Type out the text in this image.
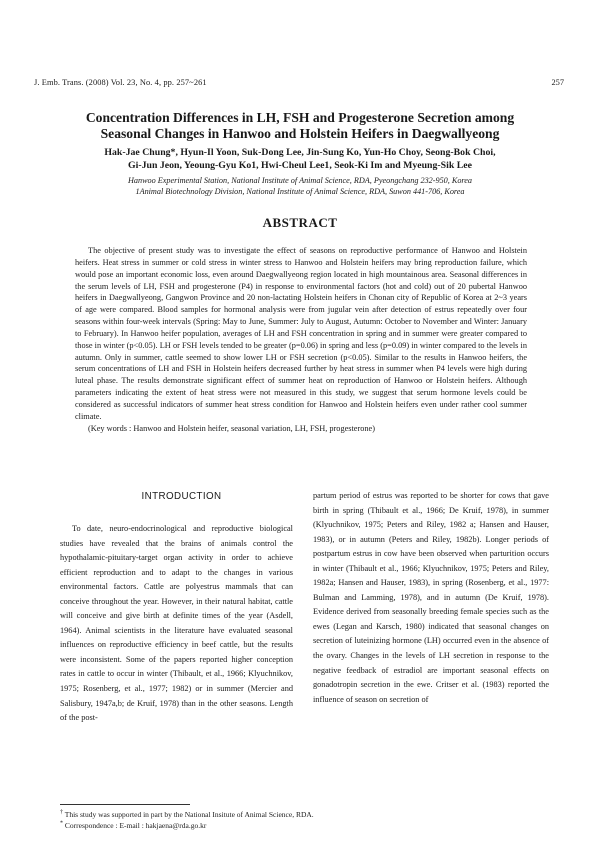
J. Emb. Trans. (2008) Vol. 23, No. 4, pp. 257~261	257
Concentration Differences in LH, FSH and Progesterone Secretion among
Seasonal Changes in Hanwoo and Holstein Heifers in Daegwallyeong
Hak-Jae Chung*, Hyun-Il Yoon, Suk-Dong Lee, Jin-Sung Ko, Yun-Ho Choy, Seong-Bok Choi,
Gi-Jun Jeon, Yeoung-Gyu Ko1, Hwi-Cheul Lee1, Seok-Ki Im and Myeung-Sik Lee
Hanwoo Experimental Station, National Institute of Animal Science, RDA, Pyeongchang 232-950, Korea
1Animal Biotechnology Division, National Institute of Animal Science, RDA, Suwon 441-706, Korea
ABSTRACT

The objective of present study was to investigate the effect of seasons on reproductive performance of Hanwoo and Holstein heifers. Heat stress in summer or cold stress in winter stress to Hanwoo and Holstein heifers may bring reproduction failure, which would pose an important economic loss, even around Daegwallyeong region located in high mountainous area. Seasonal differences in the serum levels of LH, FSH and progesterone (P4) in response to environmental factors (hot and cold) out of 20 pubertal Hanwoo heifers in Daegwallyeong, Gangwon Province and 20 non-lactating Holstein heifers in Chonan city of Republic of Korea at 2~3 years of age were compared. Blood samples for hormonal analysis were from jugular vein after detection of estrus repeatedly over four seasons within four-week intervals (Spring: May to June, Summer: July to August, Autumn: October to November and Winter: January to February). In Hanwoo heifer population, averages of LH and FSH concentration in spring and in summer were greater compared to those in winter (p<0.05). LH or FSH levels tended to be greater (p=0.06) in spring and less (p=0.09) in winter compared to the levels in autumn. Only in summer, cattle seemed to show lower LH or FSH secretion (p<0.05). Similar to the results in Hanwoo heifers, the serum concentrations of LH and FSH in Holstein heifers decreased further by heat stress in summer when P4 levels were high during luteal phase. The results demonstrate significant effect of summer heat on reproduction of Hanwoo or Holstein heifers. Although parameters indicating the extent of heat stress were not measured in this study, we suggest that serum hormone levels could be considered as successful indicators of summer heat stress condition for Hanwoo and Holstein heifers even under rather cool summer climate.

(Key words : Hanwoo and Holstein heifer, seasonal variation, LH, FSH, progesterone)

INTRODUCTION

To date, neuro-endocrinological and reproductive biological studies have revealed that the brains of animals control the hypothalamic-pituitary-target organ activity in order to achieve efficient reproduction and to adapt to the changes in various environmental factors. Cattle are polyestrus mammals that can conceive throughout the year. However, in their natural habitat, cattle will conceive and give birth at definite times of the year (Asdell, 1964). Animal scientists in the literature have evaluated seasonal influences on reproductive efficiency in beef cattle, but the results were inconsistent. Some of the papers reported higher conception rates in cattle to occur in winter (Thibault, et al., 1966; Klyuchnikov, 1975; Rosenberg, et al., 1977; 1982) or in summer (Mercier and Salisbury, 1947a,b; de Kruif, 1978) than in the other seasons. Length of the post-

partum period of estrus was reported to be shorter for cows that gave birth in spring (Thibault et al., 1966; De Kruif, 1978), in summer (Klyuchnikov, 1975; Peters and Riley, 1982 a; Hansen and Hauser, 1983), or in autumn (Peters and Riley, 1982b). Longer periods of postpartum estrus in cow have been observed when parturition occurs in winter (Thibault et al., 1966; Klyuchnikov, 1975; Peters and Riley, 1982a; Hansen and Hauser, 1983), in spring (Rosenberg, et al., 1977: Bulman and Lamming, 1978), and in autumn (De Kruif, 1978). Evidence derived from seasonally breeding female species such as the ewes (Legan and Karsch, 1980) indicated that seasonal changes on secretion of luteinizing hormone (LH) occurred even in the absence of the ovary. Changes in the levels of LH secretion in response to the negative feedback of estradiol are important seasonal effects on gonadotropin secretion in the ewe. Critser et al. (1983) reported the influence of season on secretion of

† This study was supported in part by the National Insitute of Animal Science, RDA.
* Correspondence : E-mail : hakjaena@rda.go.kr
